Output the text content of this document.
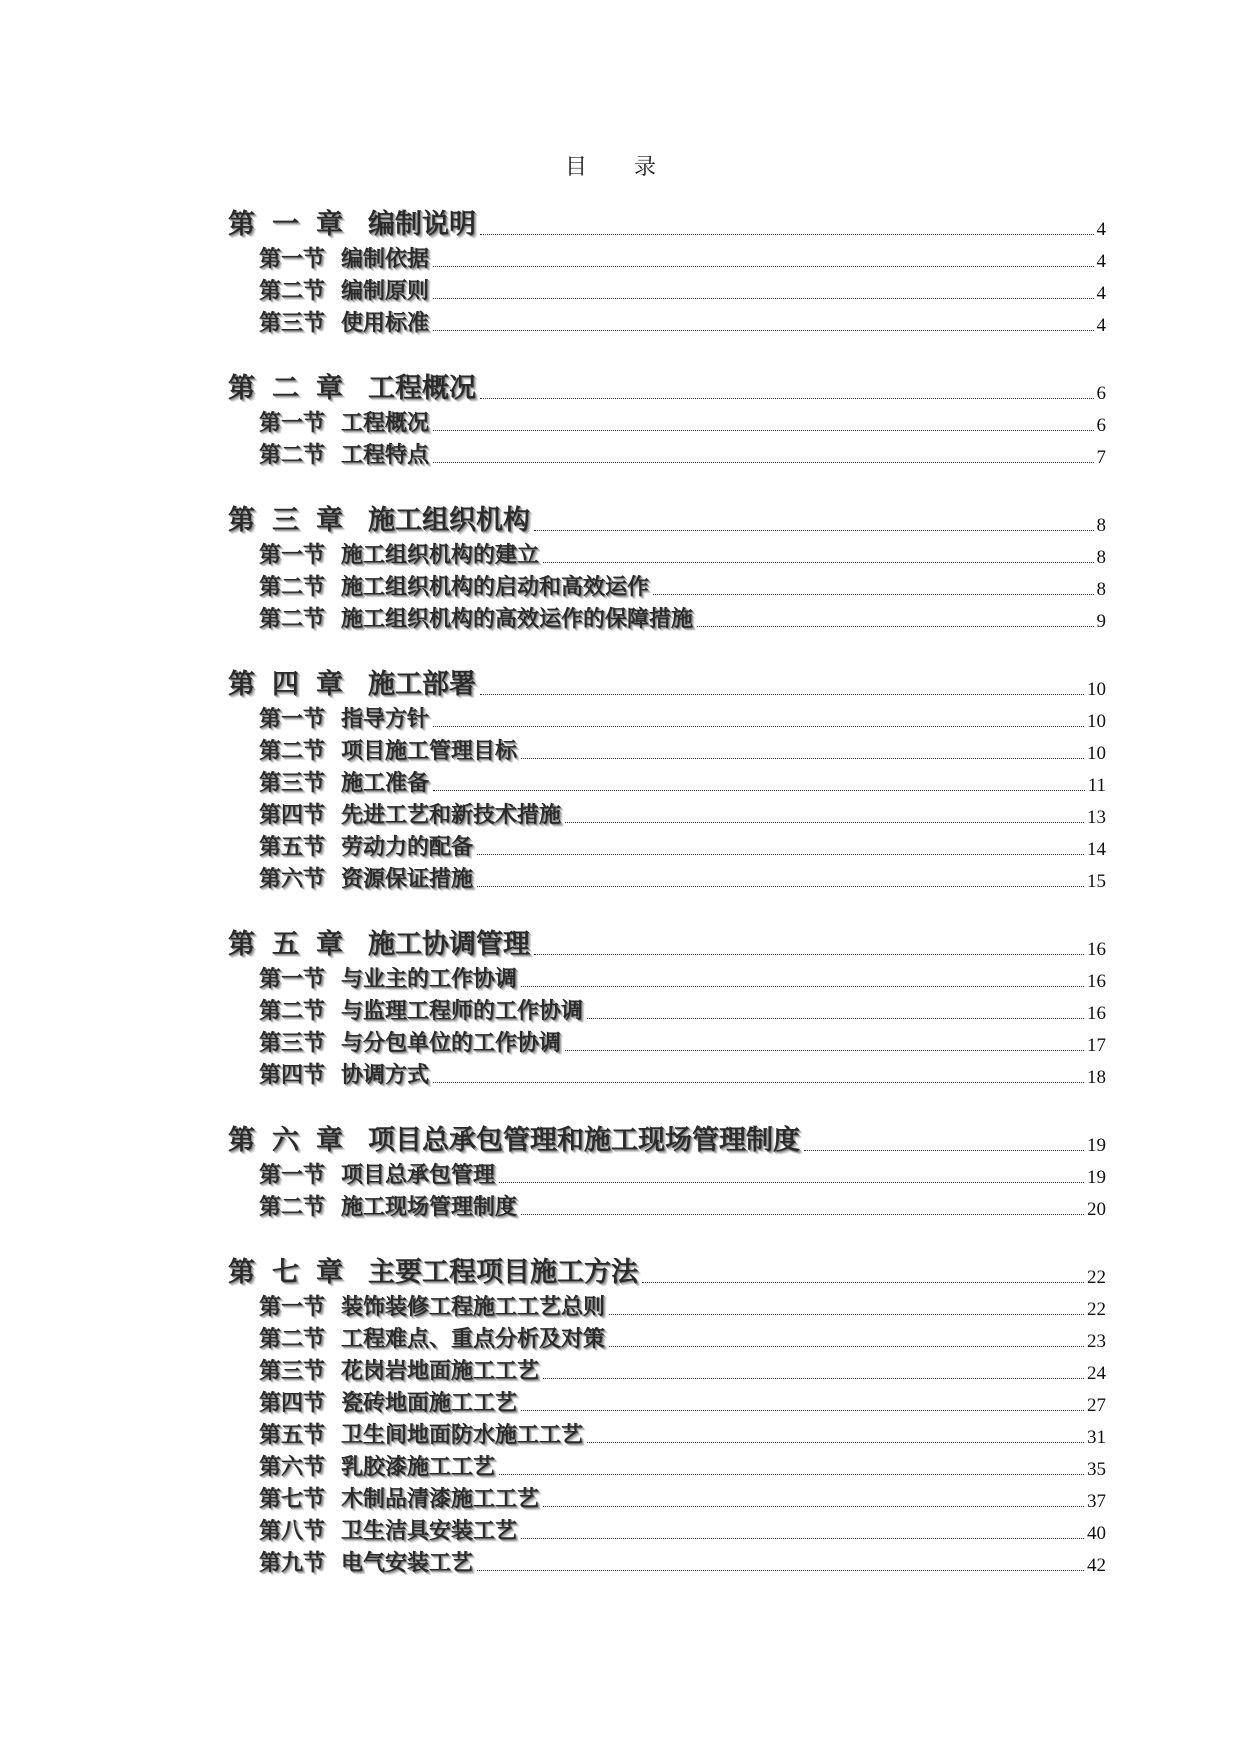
目 录
第 一 章 编制说明	4
第一节 编制依据	4
第二节 编制原则	4
第三节 使用标准	4
第 二 章 工程概况	6
第一节 工程概况	6
第二节 工程特点	7
第 三 章 施工组织机构	8
第一节 施工组织机构的建立	8
第二节 施工组织机构的启动和高效运作	8
第二节 施工组织机构的高效运作的保障措施	9
第 四 章 施工部署	10
第一节 指导方针	10
第二节 项目施工管理目标	10
第三节 施工准备	11
第四节 先进工艺和新技术措施	13
第五节 劳动力的配备	14
第六节 资源保证措施	15
第 五 章 施工协调管理	16
第一节 与业主的工作协调	16
第二节 与监理工程师的工作协调	16
第三节 与分包单位的工作协调	17
第四节 协调方式	18
第 六 章 项目总承包管理和施工现场管理制度	19
第一节 项目总承包管理	19
第二节 施工现场管理制度	20
第 七 章 主要工程项目施工方法	22
第一节 装饰装修工程施工工艺总则	22
第二节 工程难点、重点分析及对策	23
第三节 花岗岩地面施工工艺	24
第四节 瓷砖地面施工工艺	27
第五节 卫生间地面防水施工工艺	31
第六节 乳胶漆施工工艺	35
第七节 木制品清漆施工工艺	37
第八节 卫生洁具安装工艺	40
第九节 电气安装工艺	42
